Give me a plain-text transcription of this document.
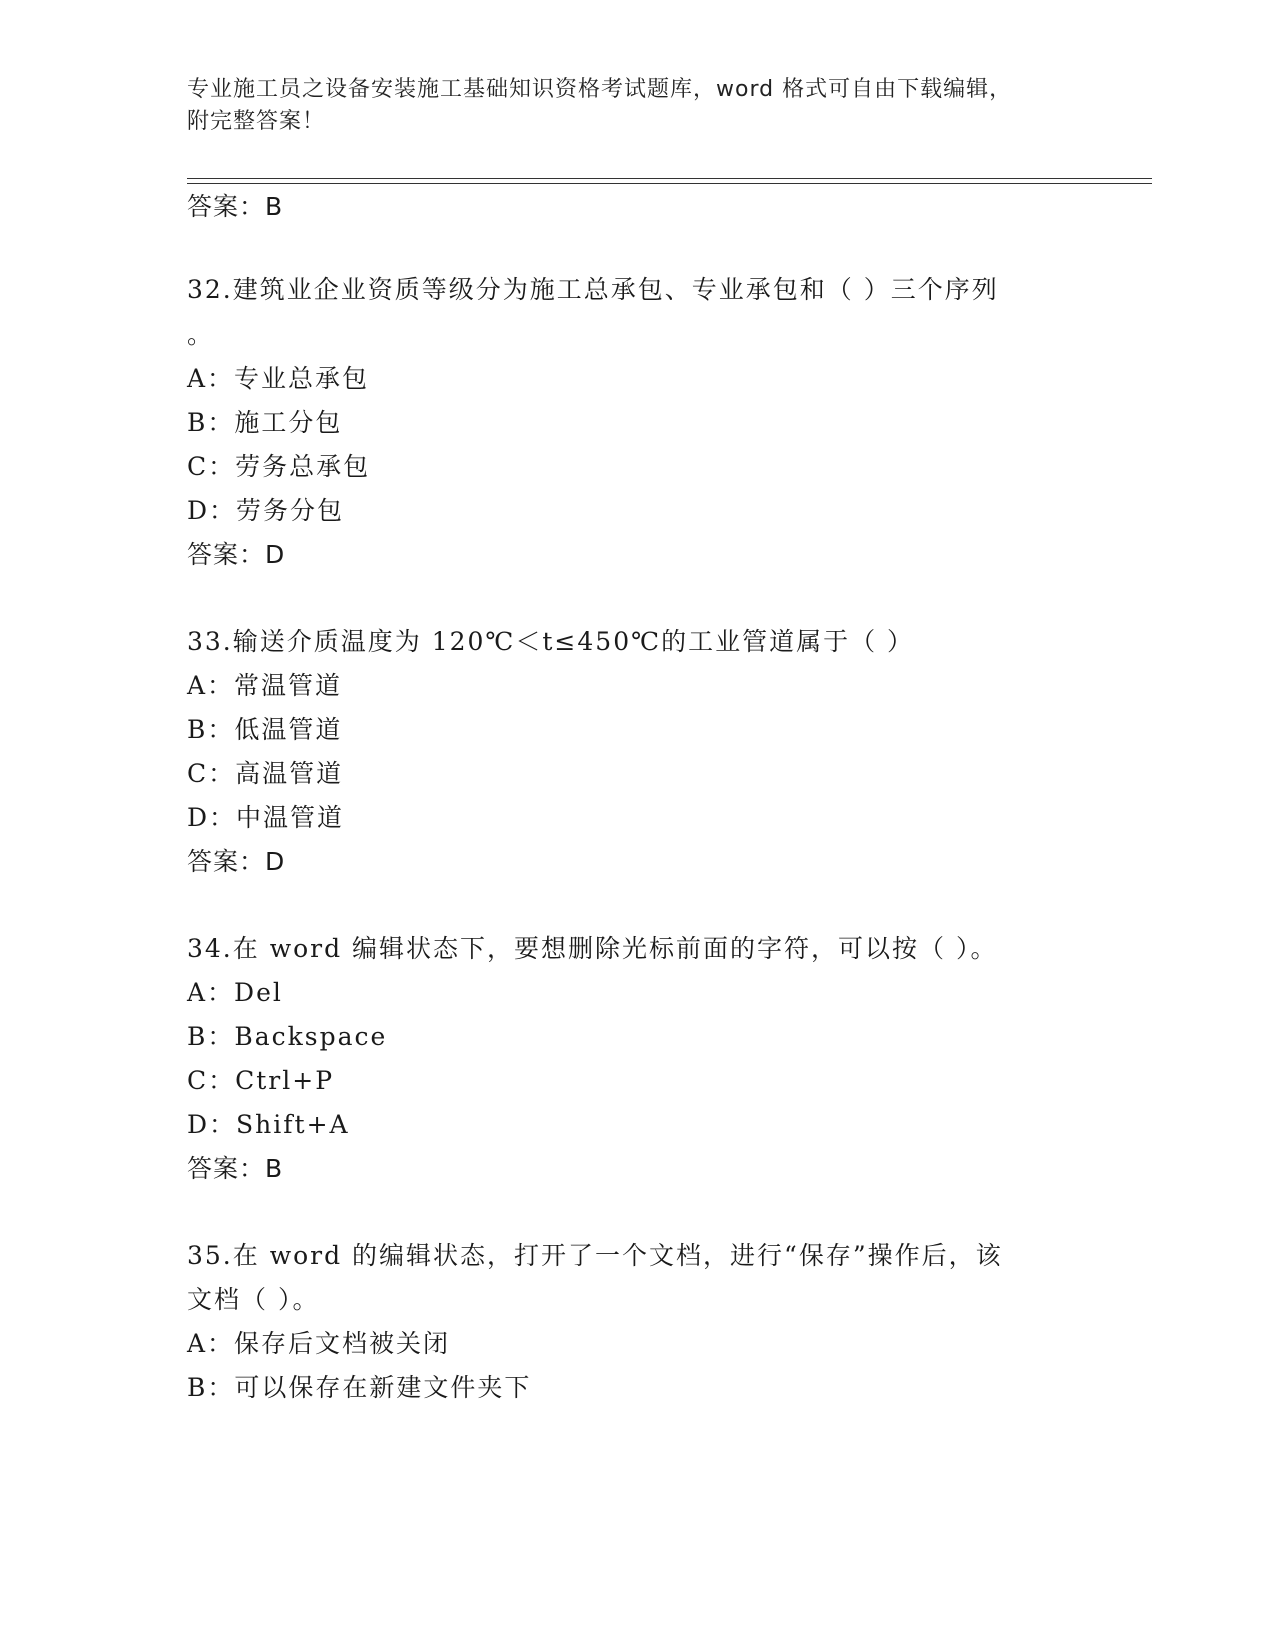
专业施工员之设备安装施工基础知识资格考试题库，word 格式可自由下载编辑，
附完整答案！
答案：B
32.建筑业企业资质等级分为施工总承包、专业承包和（ ）三个序列
。
A：专业总承包
B：施工分包
C：劳务总承包
D：劳务分包
答案：D
33.输送介质温度为 120℃＜t≤450℃的工业管道属于（ ）
A：常温管道
B：低温管道
C：高温管道
D：中温管道
答案：D
34.在 word 编辑状态下，要想删除光标前面的字符，可以按（ ）。
A：Del
B：Backspace
C：Ctrl+P
D：Shift+A
答案：B
35.在 word 的编辑状态，打开了一个文档，进行“保存”操作后，该
文档（ ）。
A：保存后文档被关闭
B：可以保存在新建文件夹下
